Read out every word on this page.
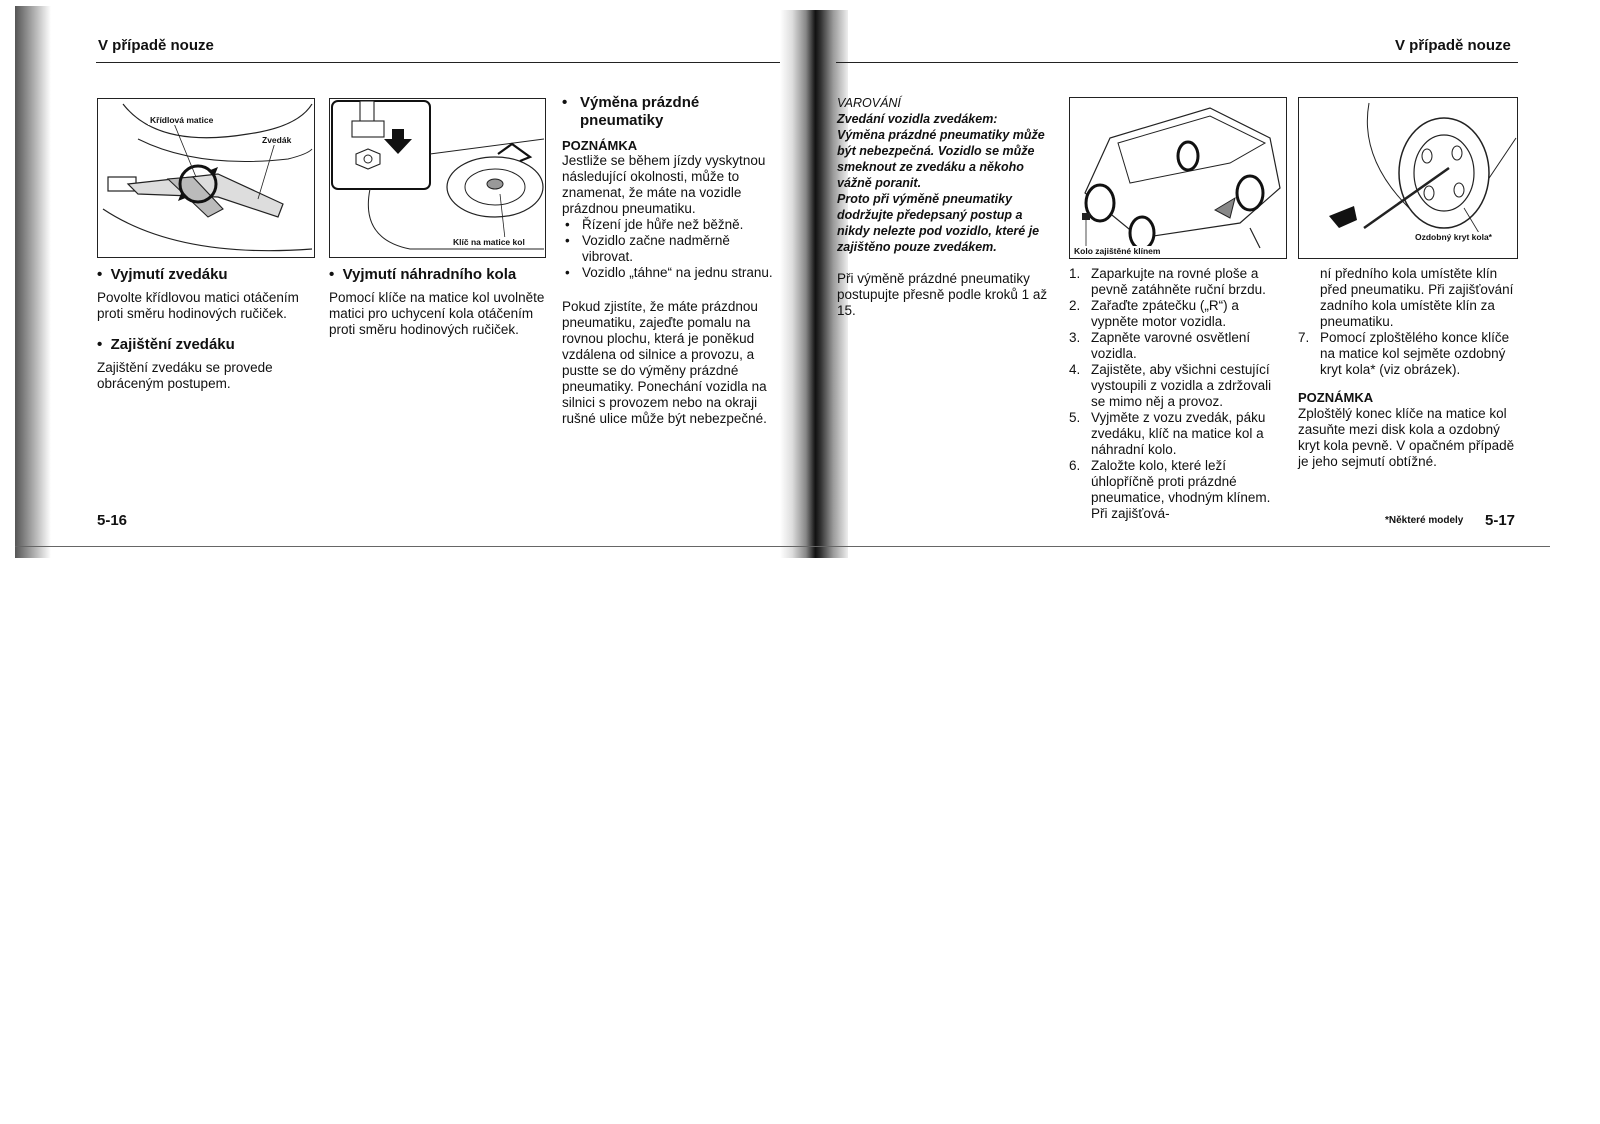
V případě nouze
Křídlová matice
Zvedák
Klíč na matice kol
•  Vyjmutí zvedáku
Povolte křídlovou matici otáčením proti směru hodinových ručiček.
•  Zajištění zvedáku
Zajištění zvedáku se provede obráceným postupem.
•  Vyjmutí náhradního kola
Pomocí klíče na matice kol uvolněte matici pro uchycení kola otáčením proti směru hodinových ručiček.
• Výměna prázdné pneumatiky
POZNÁMKA
Jestliže se během jízdy vyskytnou následující okolnosti, může to znamenat, že máte na vozidle prázdnou pneumatiku.
• Řízení jde hůře než běžně.
• Vozidlo začne nadměrně vibrovat.
• Vozidlo „táhne“ na jednu stranu.
Pokud zjistíte, že máte prázdnou pneumatiku, zajeďte pomalu na rovnou plochu, která je poněkud vzdálena od silnice a provozu, a pustte se do výměny prázdné pneumatiky. Ponechání vozidla na silnici s provozem nebo na okraji rušné ulice může být nebezpečné.
5-16
V případě nouze
VAROVÁNÍ
Zvedání vozidla zvedákem:
Výměna prázdné pneumatiky může být nebezpečná. Vozidlo se může smeknout ze zvedáku a někoho vážně poranit.
Proto při výměně pneumatiky dodržujte předepsaný postup a nikdy nelezte pod vozidlo, které je zajištěno pouze zvedákem.
Při výměně prázdné pneumatiky postupujte přesně podle kroků 1 až 15.
Kolo zajištěné klínem
Ozdobný kryt kola*
1. Zaparkujte na rovné ploše a pevně zatáhněte ruční brzdu.
2. Zařaďte zpátečku („R“) a vypněte motor vozidla.
3. Zapněte varovné osvětlení vozidla.
4. Zajistěte, aby všichni cestující vystoupili z vozidla a zdržovali se mimo něj a provoz.
5. Vyjměte z vozu zvedák, páku zvedáku, klíč na matice kol a náhradní kolo.
6. Založte kolo, které leží úhlopříčně proti prázdné pneumatice, vhodným klínem. Při zajišťová-
ní předního kola umístěte klín před pneumatiku. Při zajišťování zadního kola umístěte klín za pneumatiku.
7. Pomocí zploštělého konce klíče na matice kol sejměte ozdobný kryt kola* (viz obrázek).
POZNÁMKA
Zploštělý konec klíče na matice kol zasuňte mezi disk kola a ozdobný kryt kola pevně. V opačném případě je jeho sejmutí obtížné.
*Některé modely 5-17
